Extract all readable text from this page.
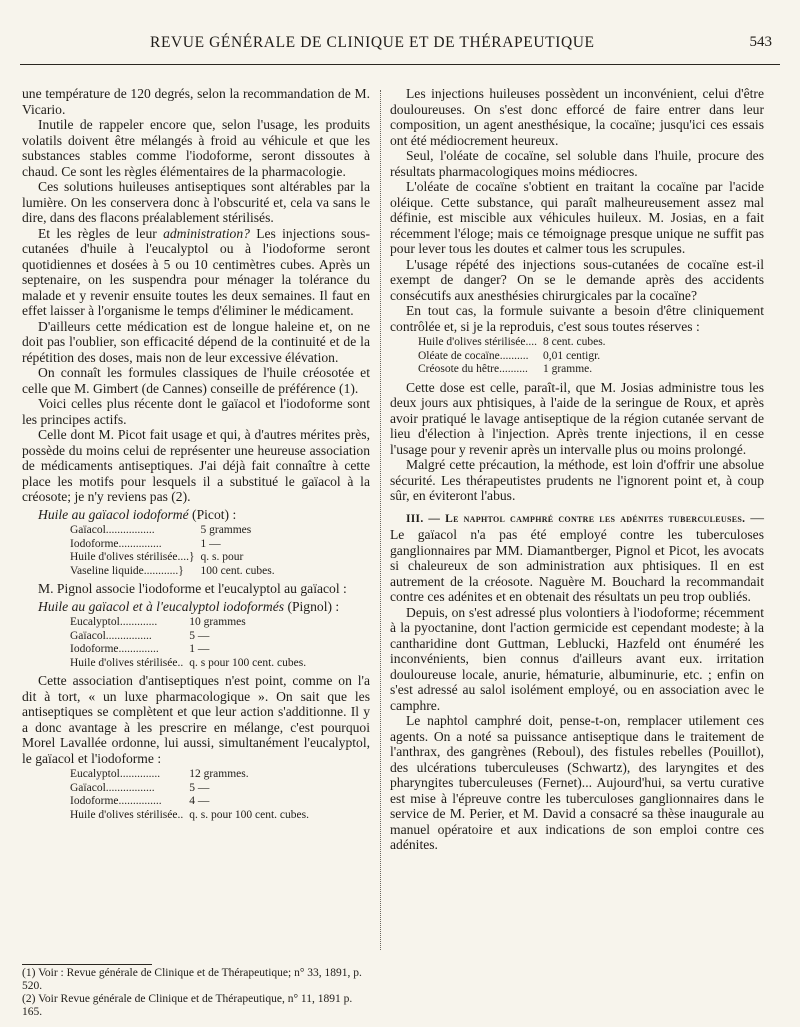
REVUE GÉNÉRALE DE CLINIQUE ET DE THÉRAPEUTIQUE	543

une température de 120 degrés, selon la recommandation de M. Vicario.

Inutile de rappeler encore que, selon l'usage, les produits volatils doivent être mélangés à froid au véhicule et que les substances stables comme l'iodoforme, seront dissoutes à chaud. Ce sont les règles élémentaires de la pharmacologie.

Ces solutions huileuses antiseptiques sont altérables par la lumière. On les conservera donc à l'obscurité et, cela va sans le dire, dans des flacons préalablement stérilisés.

Et les règles de leur administration? Les injections sous-cutanées d'huile à l'eucalyptol ou à l'iodoforme seront quotidiennes et dosées à 5 ou 10 centimètres cubes. Après un septenaire, on les suspendra pour ménager la tolérance du malade et y revenir ensuite toutes les deux semaines. Il faut en effet laisser à l'organisme le temps d'éliminer le médicament.

D'ailleurs cette médication est de longue haleine et, on ne doit pas l'oublier, son efficacité dépend de la continuité et de la répétition des doses, mais non de leur excessive élévation.

On connaît les formules classiques de l'huile créosotée et celle que M. Gimbert (de Cannes) conseille de préférence (1).

Voici celles plus récente dont le gaïacol et l'iodoforme sont les principes actifs.

Celle dont M. Picot fait usage et qui, à d'autres mérites près, possède du moins celui de représenter une heureuse association de médicaments antiseptiques. J'ai déjà fait connaître à cette place les motifs pour lesquels il a substitué le gaïacol à la créosote; je n'y reviens pas (2).

Huile au gaïacol iodoformé (Picot) :
Gaïacol.................	5 grammes
Iodoforme...............	1 —
Huile d'olives stérilisée....}	q. s. pour
Vaseline liquide............}	100 cent. cubes.

M. Pignol associe l'iodoforme et l'eucalyptol au gaïacol :

Huile au gaïacol et à l'eucalyptol iodoformés (Pignol) :
Eucalyptol.............	10 grammes
Gaïacol................	5 —
Iodoforme..............	1 —
Huile d'olives stérilisée..	q. s pour 100 cent. cubes.

Cette association d'antiseptiques n'est point, comme on l'a dit à tort, « un luxe pharmacologique ». On sait que les antiseptiques se complètent et que leur action s'additionne. Il y a donc avantage à les prescrire en mélange, c'est pourquoi Morel Lavallée ordonne, lui aussi, simultanément l'eucalyptol, le gaïacol et l'iodoforme :

Eucalyptol..............	12 grammes.
Gaïacol.................	5 —
Iodoforme...............	4 —
Huile d'olives stérilisée..	q. s. pour 100 cent. cubes.
(1) Voir : Revue générale de Clinique et de Thérapeutique; n° 33, 1891, p. 520.
(2) Voir Revue générale de Clinique et de Thérapeutique, n° 11, 1891 p. 165.

Les injections huileuses possèdent un inconvénient, celui d'être douloureuses. On s'est donc efforcé de faire entrer dans leur composition, un agent anesthésique, la cocaïne; jusqu'ici ces essais ont été médiocrement heureux.

Seul, l'oléate de cocaïne, sel soluble dans l'huile, procure des résultats pharmacologiques moins médiocres.

L'oléate de cocaïne s'obtient en traitant la cocaïne par l'acide oléique. Cette substance, qui paraît malheureusement assez mal définie, est miscible aux véhicules huileux. M. Josias, en a fait récemment l'éloge; mais ce témoignage presque unique ne suffit pas pour lever tous les doutes et calmer tous les scrupules.

L'usage répété des injections sous-cutanées de cocaïne est-il exempt de danger? On se le demande après des accidents consécutifs aux anesthésies chirurgicales par la cocaïne?

En tout cas, la formule suivante a besoin d'être cliniquement contrôlée et, si je la reproduis, c'est sous toutes réserves :

Huile d'olives stérilisée....	8 cent. cubes.
Oléate de cocaïne..........	0,01 centigr.
Créosote du hêtre..........	1 gramme.

Cette dose est celle, paraît-il, que M. Josias administre tous les deux jours aux phtisiques, à l'aide de la seringue de Roux, et après avoir pratiqué le lavage antiseptique de la région cutanée servant de lieu d'élection à l'injection. Après trente injections, il en cesse l'usage pour y revenir après un intervalle plus ou moins prolongé.

Malgré cette précaution, la méthode, est loin d'offrir une absolue sécurité. Les thérapeutistes prudents ne l'ignorent point et, à coup sûr, en éviteront l'abus.

III. — Le naphtol camphré contre les adénites tuberculeuses. — Le gaïacol n'a pas été employé contre les tuberculoses ganglionnaires par MM. Diamantberger, Pignol et Picot, les avocats si chaleureux de son administration aux phtisiques. Il en est autrement de la créosote. Naguère M. Bouchard la recommandait contre ces adénites et en obtenait des résultats un peu trop oubliés.

Depuis, on s'est adressé plus volontiers à l'iodoforme; récemment à la pyoctanine, dont l'action germicide est cependant modeste; à la cantharidine dont Guttman, Leblucki, Hazfeld ont énuméré les inconvénients, bien connus d'ailleurs avant eux. irritation douloureuse locale, anurie, hématurie, albuminurie, etc. ; enfin on s'est adressé au salol isolément employé, ou en association avec le camphre.

Le naphtol camphré doit, pense-t-on, remplacer utilement ces agents. On a noté sa puissance antiseptique dans le traitement de l'anthrax, des gangrènes (Reboul), des fistules rebelles (Pouillot), des ulcérations tuberculeuses (Schwartz), des laryngites et des pharyngites tuberculeuses (Fernet)... Aujourd'hui, sa vertu curative est mise à l'épreuve contre les tuberculoses ganglionnaires dans le service de M. Perier, et M. David a consacré sa thèse inaugurale au manuel opératoire et aux indications de son emploi contre ces adénites.
